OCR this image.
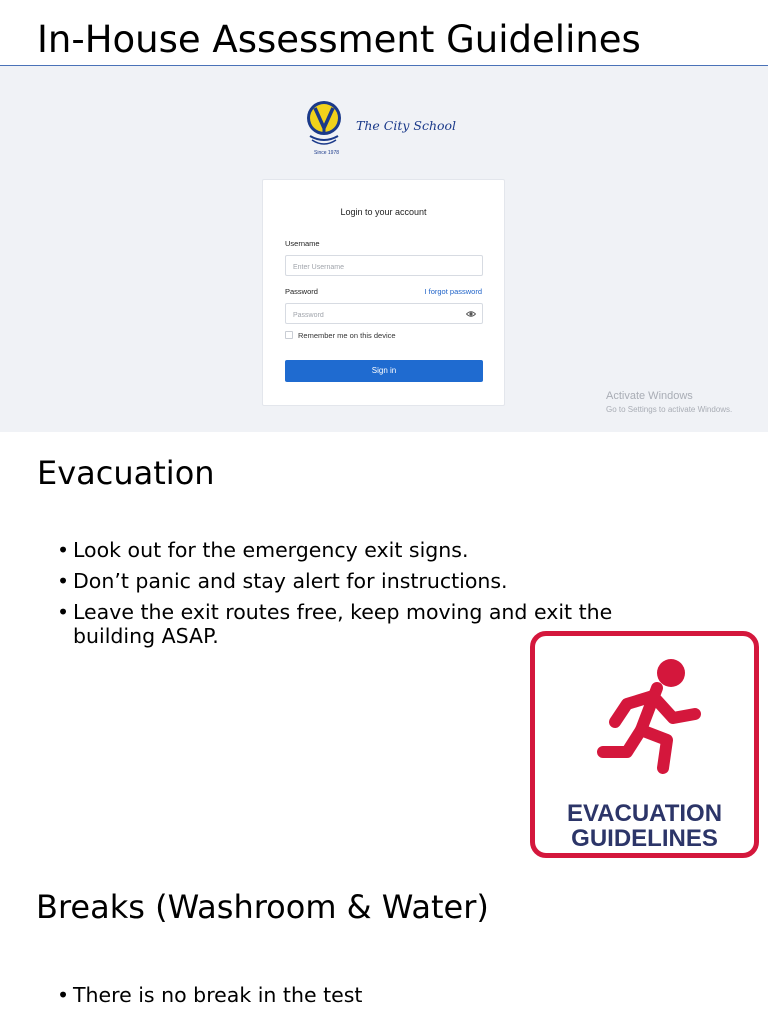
In-House Assessment Guidelines
The City School
Since 1978
Login to your account
Username
Enter Username
Password	I forgot password
Remember me on this device
Sign in
Activate Windows
Go to Settings to activate Windows.
Evacuation
• Look out for the emergency exit signs.
• Don’t panic and stay alert for instructions.
• Leave the exit routes free, keep moving and exit the building ASAP.
EVACUATION
GUIDELINES
Breaks (Washroom & Water)
• There is no break in the test
